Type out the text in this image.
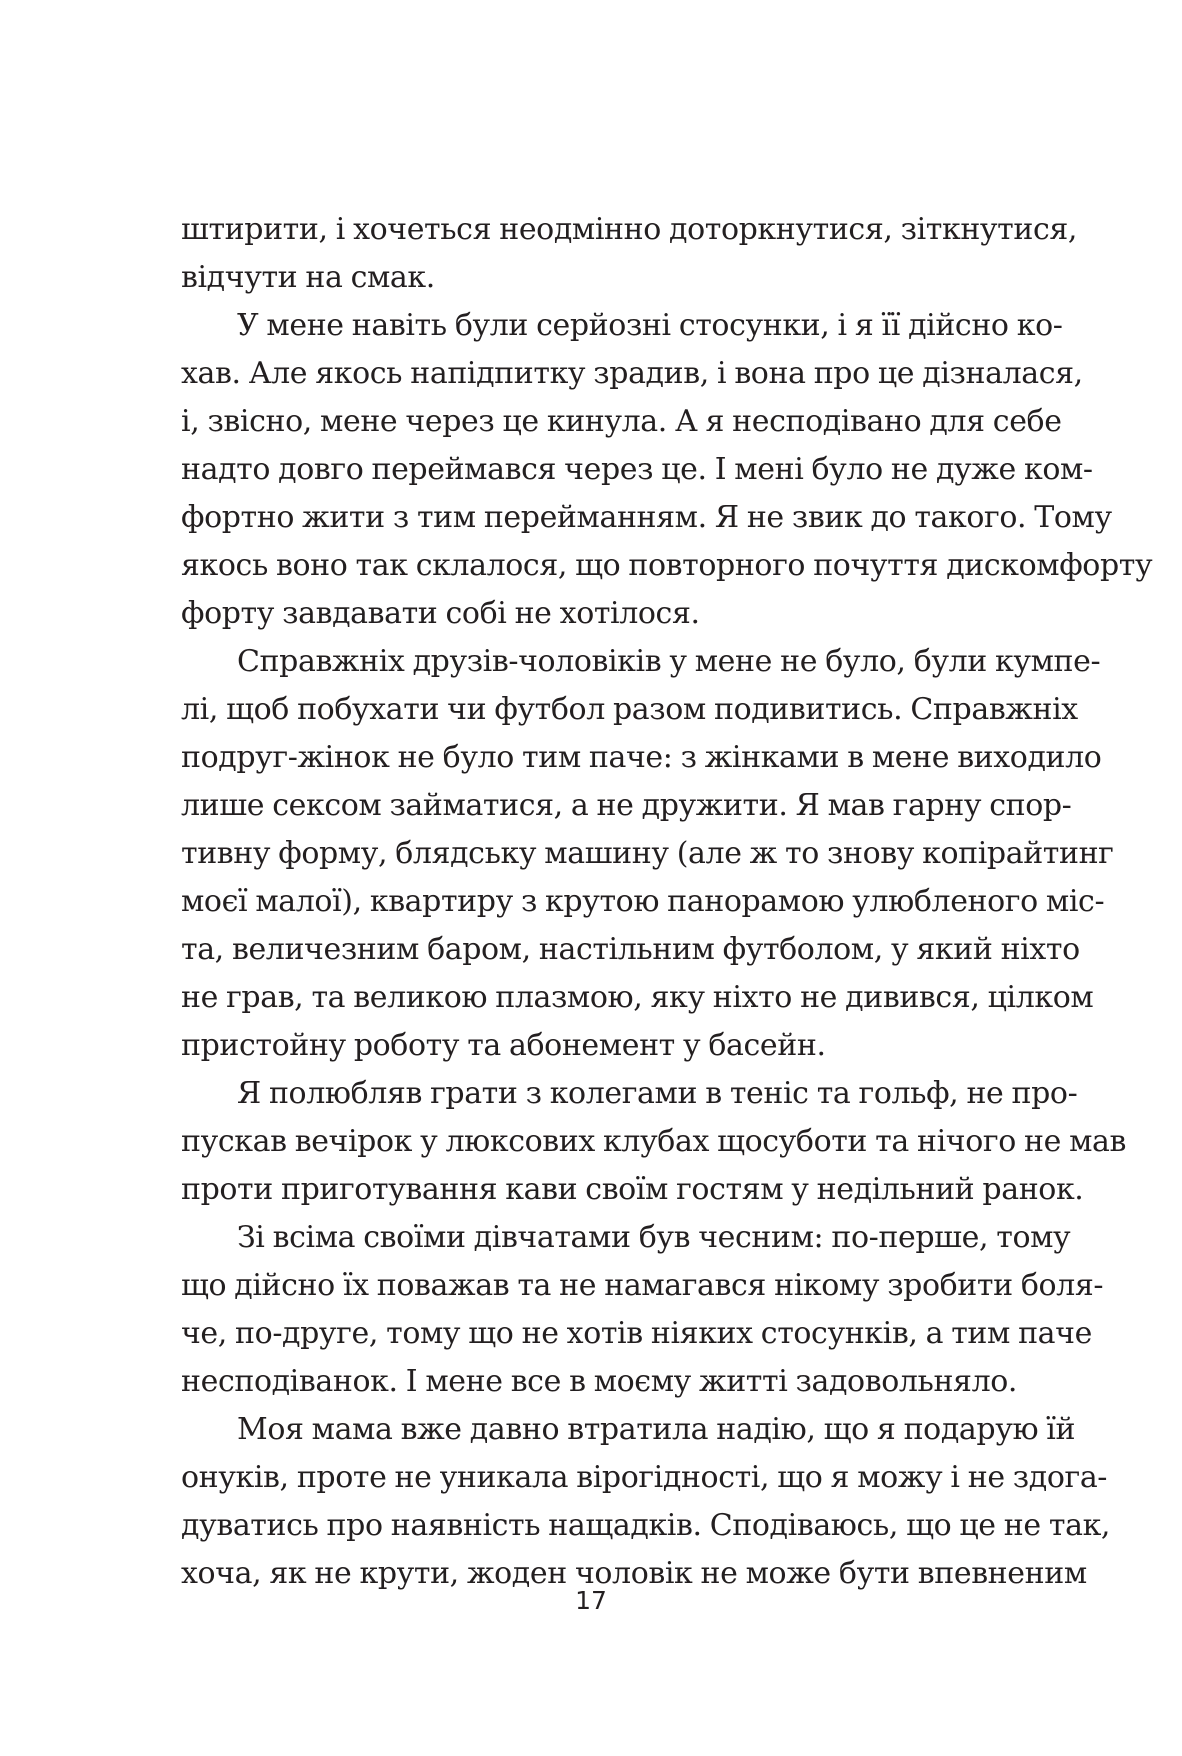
штирити, і хочеться неодмінно доторкнутися, зіткнутися,
відчути на смак.
У мене навіть були серйозні стосунки, і я її дійсно ко-
хав. Але якось напідпитку зрадив, і вона про це дізналася,
і, звісно, мене через це кинула. А я несподівано для себе
надто довго переймався через це. І мені було не дуже ком-
фортно жити з тим перейманням. Я не звик до такого. Тому
якось воно так склалося, що повторного почуття дискомфорту
форту завдавати собі не хотілося.
Справжніх друзів-чоловіків у мене не було, були кумпе-
лі, щоб побухати чи футбол разом подивитись. Справжніх
подруг-жінок не було тим паче: з жінками в мене виходило
лише сексом займатися, а не дружити. Я мав гарну спор-
тивну форму, блядську машину (але ж то знову копірайтинг
моєї малої), квартиру з крутою панорамою улюбленого міс-
та, величезним баром, настільним футболом, у який ніхто
не грав, та великою плазмою, яку ніхто не дивився, цілком
пристойну роботу та абонемент у басейн.
Я полюбляв грати з колегами в теніс та гольф, не про-
пускав вечірок у люксових клубах щосуботи та нічого не мав
проти приготування кави своїм гостям у недільний ранок.
Зі всіма своїми дівчатами був чесним: по-перше, тому
що дійсно їх поважав та не намагався нікому зробити боля-
че, по-друге, тому що не хотів ніяких стосунків, а тим паче
несподіванок. І мене все в моєму житті задовольняло.
Моя мама вже давно втратила надію, що я подарую їй
онуків, проте не уникала вірогідності, що я можу і не здога-
дуватись про наявність нащадків. Сподіваюсь, що це не так,
хоча, як не крути, жоден чоловік не може бути впевненим
17
